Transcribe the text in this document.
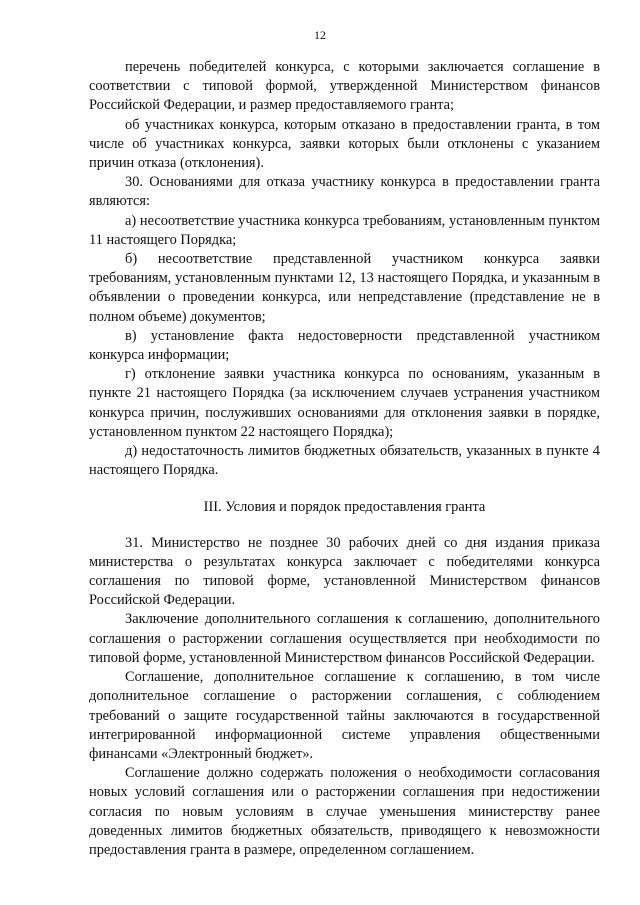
12

перечень победителей конкурса, с которыми заключается соглашение в соответствии с типовой формой, утвержденной Министерством финансов Российской Федерации, и размер предоставляемого гранта;

об участниках конкурса, которым отказано в предоставлении гранта, в том числе об участниках конкурса, заявки которых были отклонены с указанием причин отказа (отклонения).

30. Основаниями для отказа участнику конкурса в предоставлении гранта являются:

а) несоответствие участника конкурса требованиям, установленным пунктом 11 настоящего Порядка;

б) несоответствие представленной участником конкурса заявки требованиям, установленным пунктами 12, 13 настоящего Порядка, и указанным в объявлении о проведении конкурса, или непредставление (представление не в полном объеме) документов;

в) установление факта недостоверности представленной участником конкурса информации;

г) отклонение заявки участника конкурса по основаниям, указанным в пункте 21 настоящего Порядка (за исключением случаев устранения участником конкурса причин, послуживших основаниями для отклонения заявки в порядке, установленном пунктом 22 настоящего Порядка);

д) недостаточность лимитов бюджетных обязательств, указанных в пункте 4 настоящего Порядка.

III. Условия и порядок предоставления гранта

31. Министерство не позднее 30 рабочих дней со дня издания приказа министерства о результатах конкурса заключает с победителями конкурса соглашения по типовой форме, установленной Министерством финансов Российской Федерации.

Заключение дополнительного соглашения к соглашению, дополнительного соглашения о расторжении соглашения осуществляется при необходимости по типовой форме, установленной Министерством финансов Российской Федерации.

Соглашение, дополнительное соглашение к соглашению, в том числе дополнительное соглашение о расторжении соглашения, с соблюдением требований о защите государственной тайны заключаются в государственной интегрированной информационной системе управления общественными финансами «Электронный бюджет».

Соглашение должно содержать положения о необходимости согласования новых условий соглашения или о расторжении соглашения при недостижении согласия по новым условиям в случае уменьшения министерству ранее доведенных лимитов бюджетных обязательств, приводящего к невозможности предоставления гранта в размере, определенном соглашением.
